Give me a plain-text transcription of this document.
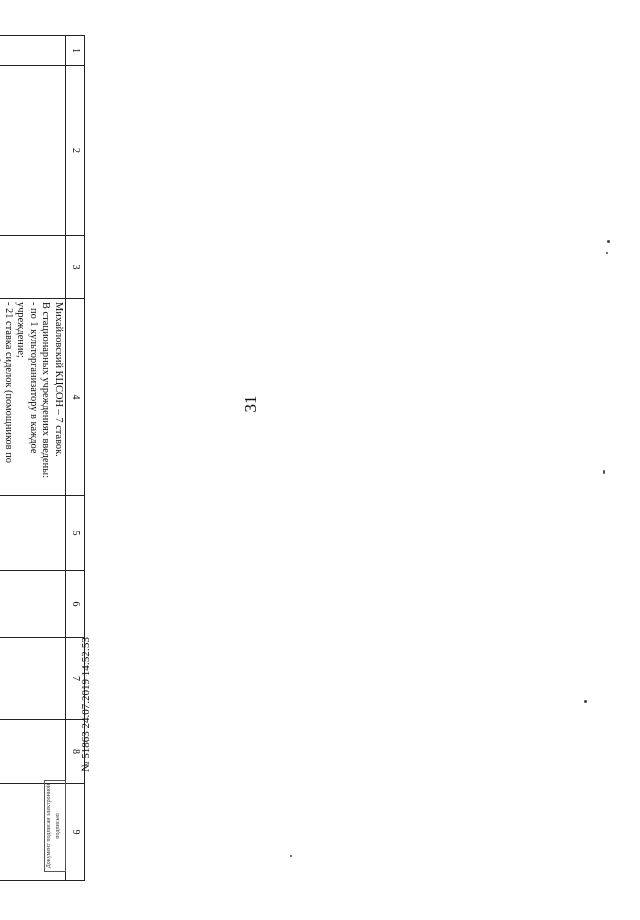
31
1	2	3	4	5	6	7	8	9
			Михайловский КЦСОН – 7 ставок.
В стационарных учреждениях введены:
- по 1 культорганизатору в каждое учреждение;
- 21 ставка сиделок (помощников по

Документ подписан электронной подписью
№ 51863 24.07.2019 14:52:53
